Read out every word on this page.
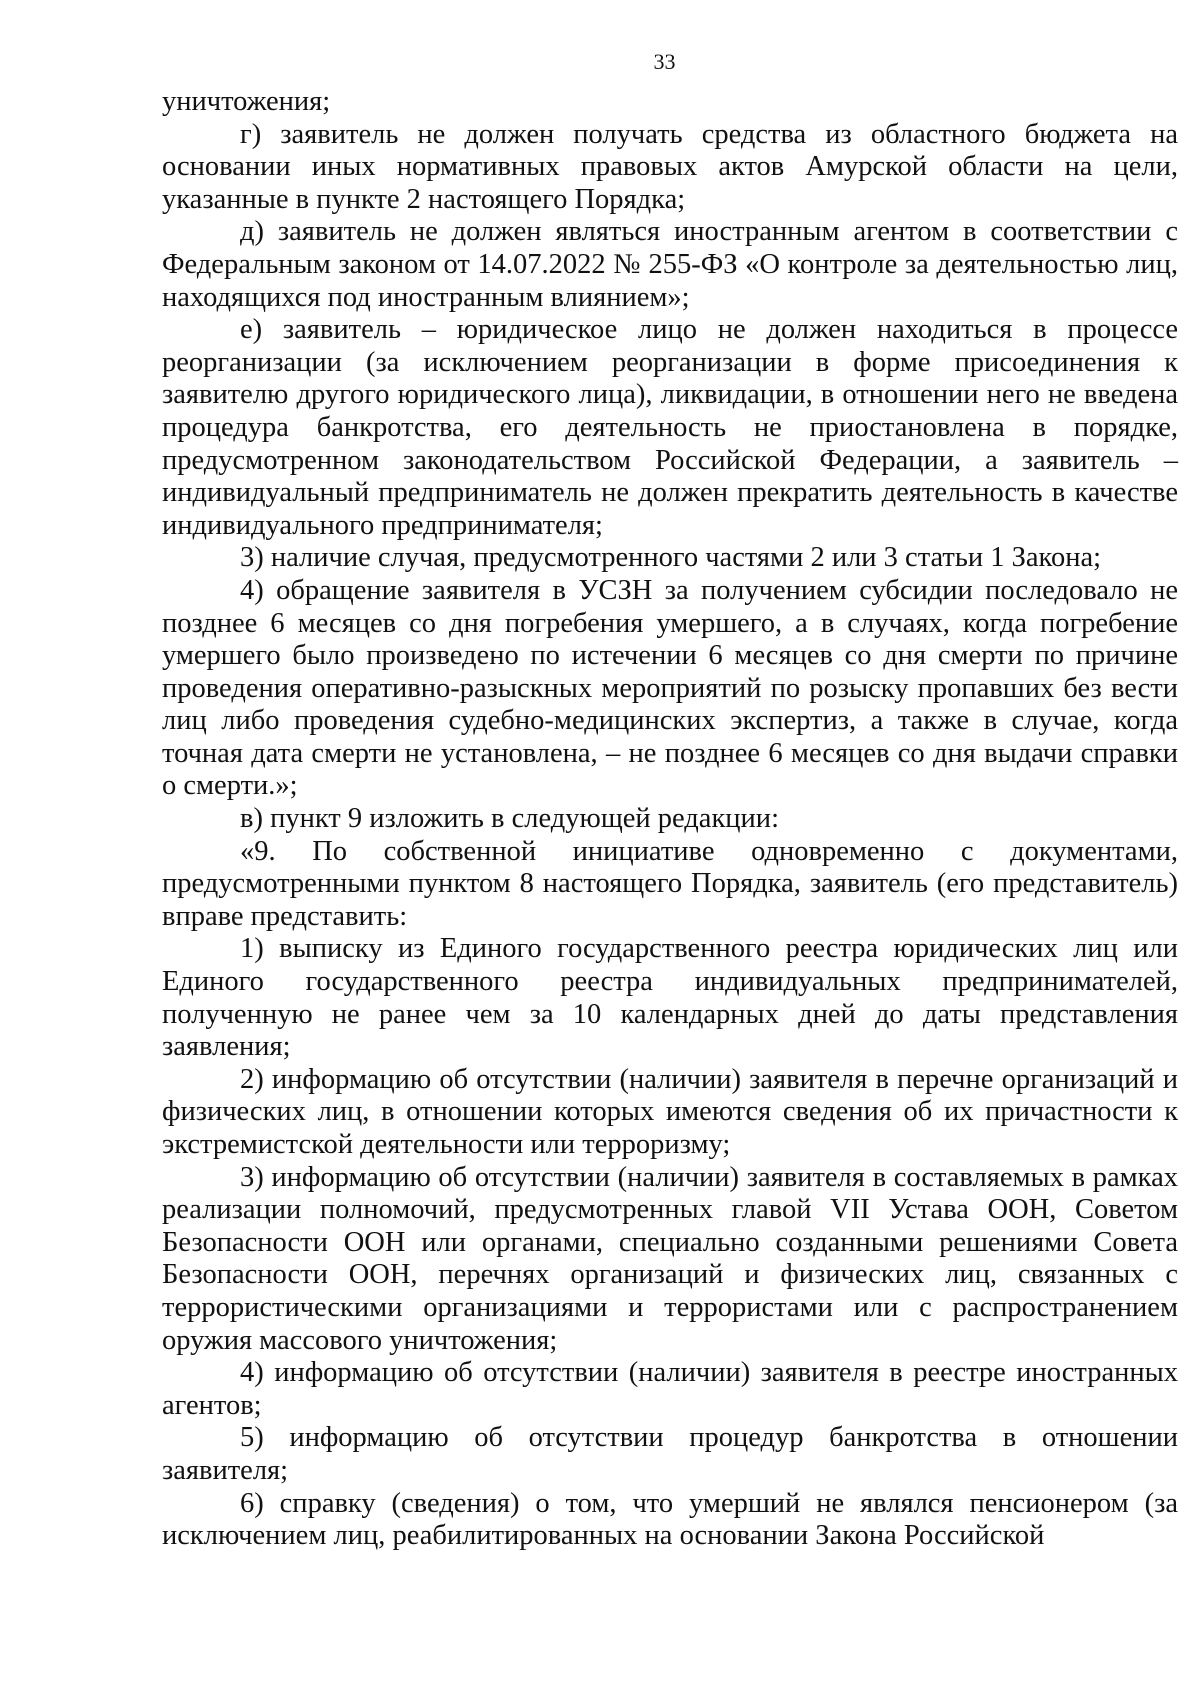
33

уничтожения;

г) заявитель не должен получать средства из областного бюджета на основании иных нормативных правовых актов Амурской области на цели, указанные в пункте 2 настоящего Порядка;

д) заявитель не должен являться иностранным агентом в соответствии с Федеральным законом от 14.07.2022 № 255-ФЗ «О контроле за деятельностью лиц, находящихся под иностранным влиянием»;

е) заявитель – юридическое лицо не должен находиться в процессе реорганизации (за исключением реорганизации в форме присоединения к заявителю другого юридического лица), ликвидации, в отношении него не введена процедура банкротства, его деятельность не приостановлена в порядке, предусмотренном законодательством Российской Федерации, а заявитель – индивидуальный предприниматель не должен прекратить деятельность в качестве индивидуального предпринимателя;

3) наличие случая, предусмотренного частями 2 или 3 статьи 1 Закона;

4) обращение заявителя в УСЗН за получением субсидии последовало не позднее 6 месяцев со дня погребения умершего, а в случаях, когда погребение умершего было произведено по истечении 6 месяцев со дня смерти по причине проведения оперативно-разыскных мероприятий по розыску пропавших без вести лиц либо проведения судебно-медицинских экспертиз, а также в случае, когда точная дата смерти не установлена, – не позднее 6 месяцев со дня выдачи справки о смерти.»;

в) пункт 9 изложить в следующей редакции:

«9. По собственной инициативе одновременно с документами, предусмотренными пунктом 8 настоящего Порядка, заявитель (его представитель) вправе представить:

1) выписку из Единого государственного реестра юридических лиц или Единого государственного реестра индивидуальных предпринимателей, полученную не ранее чем за 10 календарных дней до даты представления заявления;

2) информацию об отсутствии (наличии) заявителя в перечне организаций и физических лиц, в отношении которых имеются сведения об их причастности к экстремистской деятельности или терроризму;

3) информацию об отсутствии (наличии) заявителя в составляемых в рамках реализации полномочий, предусмотренных главой VII Устава ООН, Советом Безопасности ООН или органами, специально созданными решениями Совета Безопасности ООН, перечнях организаций и физических лиц, связанных с террористическими организациями и террористами или с распространением оружия массового уничтожения;

4) информацию об отсутствии (наличии) заявителя в реестре иностранных агентов;

5) информацию об отсутствии процедур банкротства в отношении заявителя;

6) справку (сведения) о том, что умерший не являлся пенсионером (за исключением лиц, реабилитированных на основании Закона Российской
